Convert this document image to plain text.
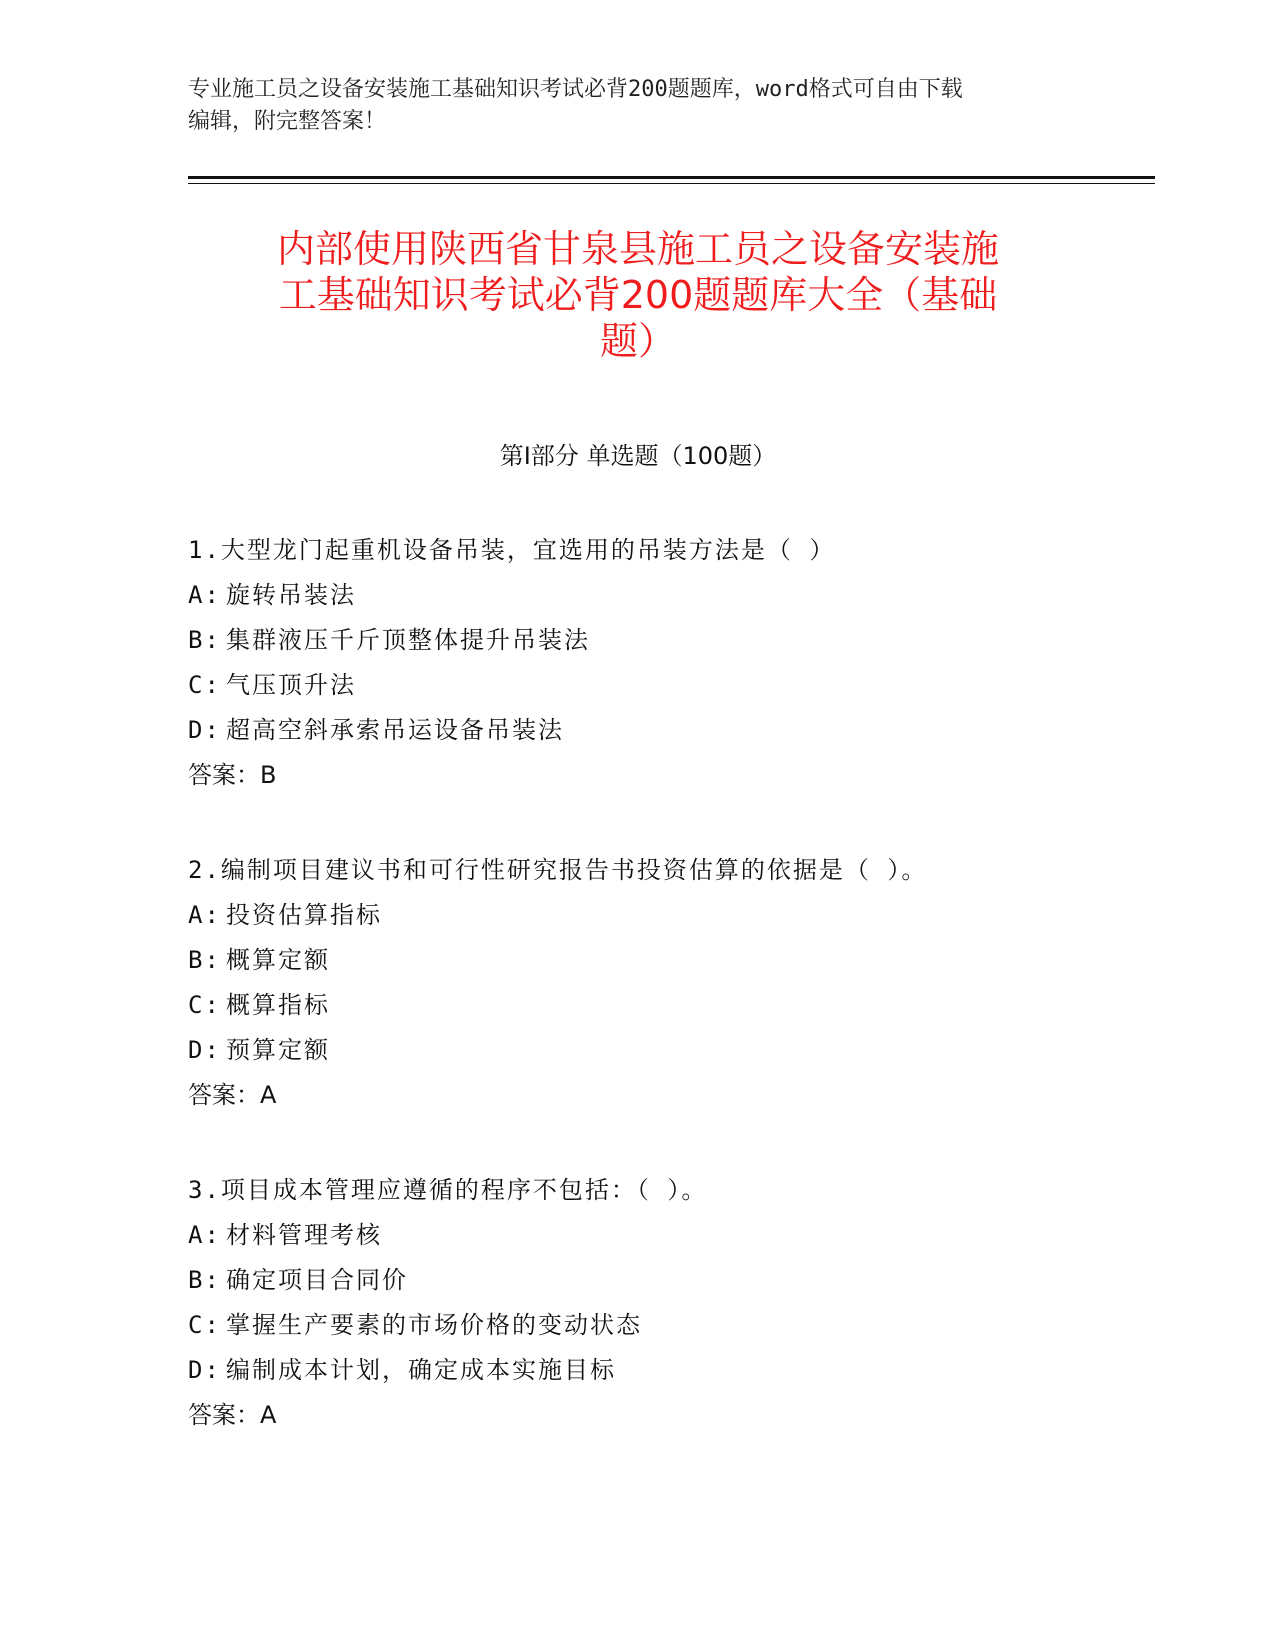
专业施工员之设备安装施工基础知识考试必背200题题库，word格式可自由下载
编辑，附完整答案！
内部使用陕西省甘泉县施工员之设备安装施
工基础知识考试必背200题题库大全（基础
题）
第I部分 单选题（100题）
1.大型龙门起重机设备吊装，宜选用的吊装方法是（ ）
A: 旋转吊装法
B: 集群液压千斤顶整体提升吊装法
C: 气压顶升法
D: 超高空斜承索吊运设备吊装法
答案：B
2.编制项目建议书和可行性研究报告书投资估算的依据是（ ）。
A: 投资估算指标
B: 概算定额
C: 概算指标
D: 预算定额
答案：A
3.项目成本管理应遵循的程序不包括：（ ）。
A: 材料管理考核
B: 确定项目合同价
C: 掌握生产要素的市场价格的变动状态
D: 编制成本计划，确定成本实施目标
答案：A
